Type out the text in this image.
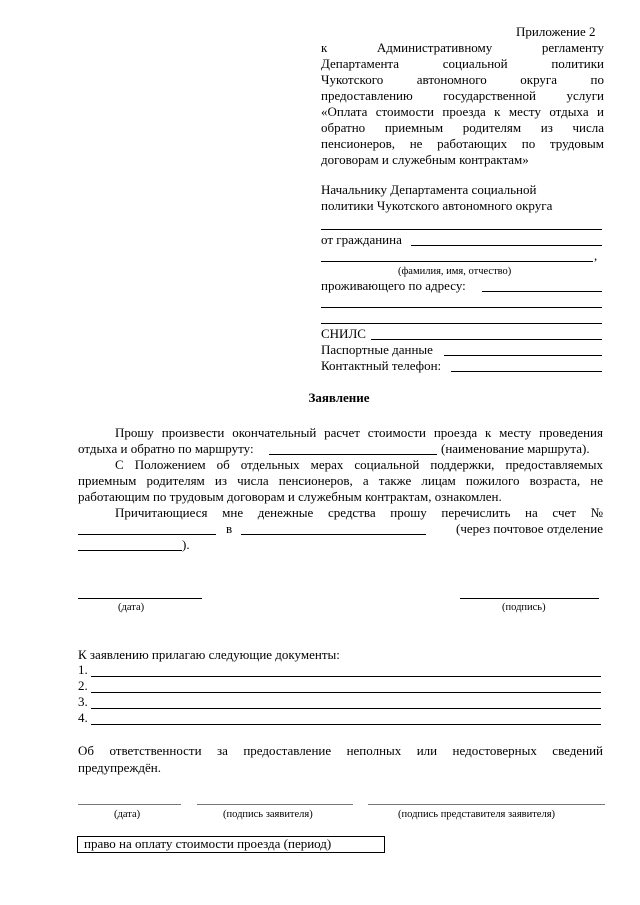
Приложение 2
к Административному регламенту
Департамента социальной политики
Чукотского автономного округа по
предоставлению государственной услуги
«Оплата стоимости проезда к месту отдыха и
обратно приемным родителям из числа
пенсионеров, не работающих по трудовым
договорам и служебным контрактам»
Начальнику Департамента социальной
политики Чукотского автономного округа
от гражданина
,
(фамилия, имя, отчество)
проживающего по адресу:
СНИЛС
Паспортные данные
Контактный телефон:
Заявление
Прошу произвести окончательный расчет стоимости проезда к месту проведения
отдыха и обратно по маршруту:	(наименование маршрута).
С Положением об отдельных мерах социальной поддержки, предоставляемых
приемным родителям из числа пенсионеров, а также лицам пожилого возраста, не
работающим по трудовым договорам и служебным контрактам, ознакомлен.
Причитающиеся мне денежные средства прошу перечислить на счет №
в	(через почтовое отделение
).
(дата)	(подпись)
К заявлению прилагаю следующие документы:
1.
2.
3.
4.
Об ответственности за предоставление неполных или недостоверных сведений
предупреждён.
(дата)	(подпись заявителя)	(подпись представителя заявителя)
право на оплату стоимости проезда (период)
